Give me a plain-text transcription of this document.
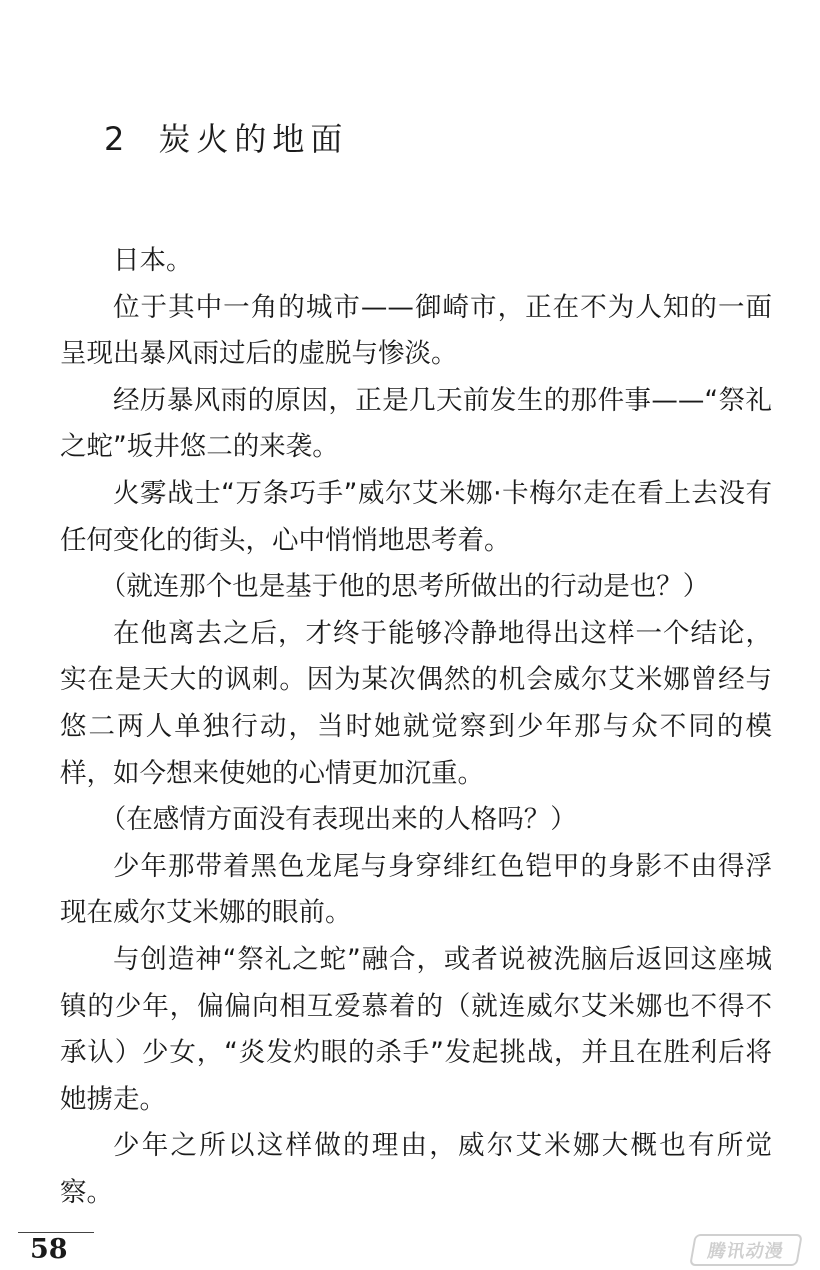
2 炭火的地面

日本。

位于其中一角的城市——御崎市，正在不为人知的一面呈现出暴风雨过后的虚脱与惨淡。

经历暴风雨的原因，正是几天前发生的那件事——“祭礼之蛇”坂井悠二的来袭。

火雾战士“万条巧手”威尔艾米娜·卡梅尔走在看上去没有任何变化的街头，心中悄悄地思考着。

（就连那个也是基于他的思考所做出的行动是也？）

在他离去之后，才终于能够冷静地得出这样一个结论，实在是天大的讽刺。因为某次偶然的机会威尔艾米娜曾经与悠二两人单独行动，当时她就觉察到少年那与众不同的模样，如今想来使她的心情更加沉重。

（在感情方面没有表现出来的人格吗？）

少年那带着黑色龙尾与身穿绯红色铠甲的身影不由得浮现在威尔艾米娜的眼前。

与创造神“祭礼之蛇”融合，或者说被洗脑后返回这座城镇的少年，偏偏向相互爱慕着的（就连威尔艾米娜也不得不承认）少女，“炎发灼眼的杀手”发起挑战，并且在胜利后将她掳走。

少年之所以这样做的理由，威尔艾米娜大概也有所觉察。

58	腾讯动漫
